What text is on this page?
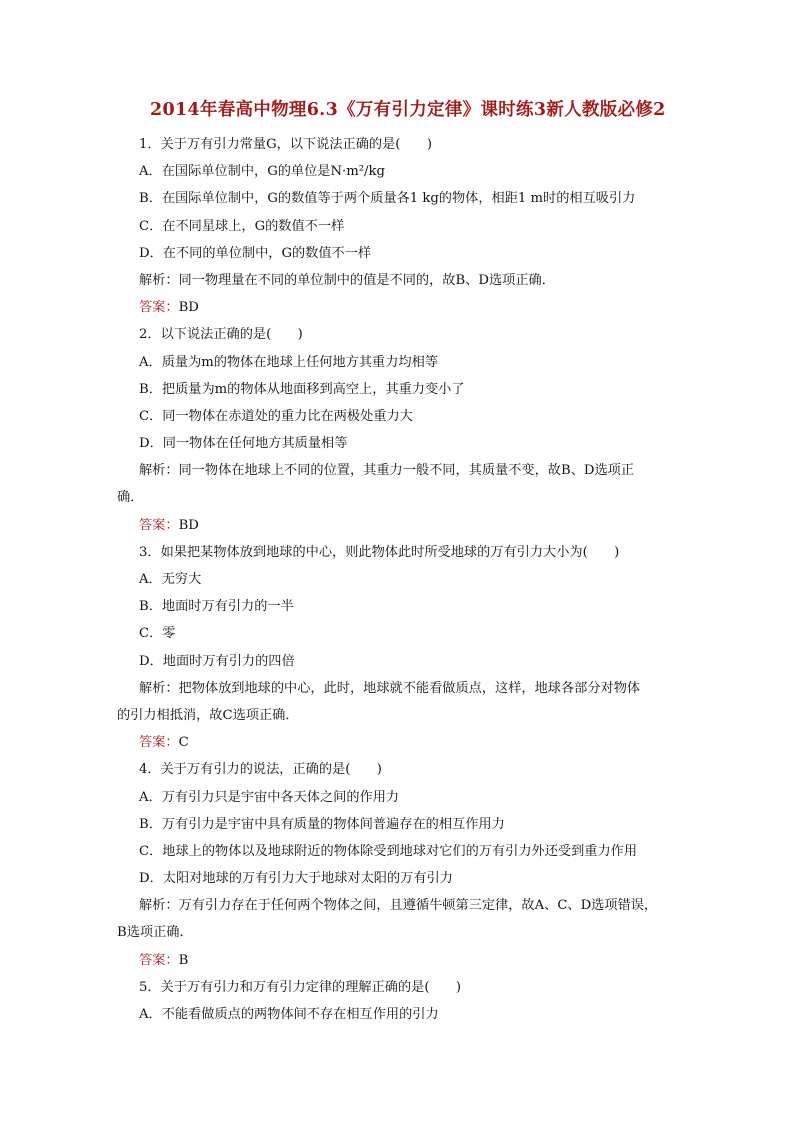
2014年春高中物理6.3《万有引力定律》课时练3新人教版必修2
1．关于万有引力常量G，以下说法正确的是(　　)
A．在国际单位制中，G的单位是N·m²/kg
B．在国际单位制中，G的数值等于两个质量各1 kg的物体，相距1 m时的相互吸引力
C．在不同星球上，G的数值不一样
D．在不同的单位制中，G的数值不一样
解析：同一物理量在不同的单位制中的值是不同的，故B、D选项正确．
答案：BD
2．以下说法正确的是(　　)
A．质量为m的物体在地球上任何地方其重力均相等
B．把质量为m的物体从地面移到高空上，其重力变小了
C．同一物体在赤道处的重力比在两极处重力大
D．同一物体在任何地方其质量相等
解析：同一物体在地球上不同的位置，其重力一般不同，其质量不变，故B、D选项正
确．
答案：BD
3．如果把某物体放到地球的中心，则此物体此时所受地球的万有引力大小为(　　)
A．无穷大
B．地面时万有引力的一半
C．零
D．地面时万有引力的四倍
解析：把物体放到地球的中心，此时，地球就不能看做质点，这样，地球各部分对物体
的引力相抵消，故C选项正确．
答案：C
4．关于万有引力的说法，正确的是(　　)
A．万有引力只是宇宙中各天体之间的作用力
B．万有引力是宇宙中具有质量的物体间普遍存在的相互作用力
C．地球上的物体以及地球附近的物体除受到地球对它们的万有引力外还受到重力作用
D．太阳对地球的万有引力大于地球对太阳的万有引力
解析：万有引力存在于任何两个物体之间，且遵循牛顿第三定律，故A、C、D选项错误，
B选项正确．
答案：B
5．关于万有引力和万有引力定律的理解正确的是(　　)
A．不能看做质点的两物体间不存在相互作用的引力
